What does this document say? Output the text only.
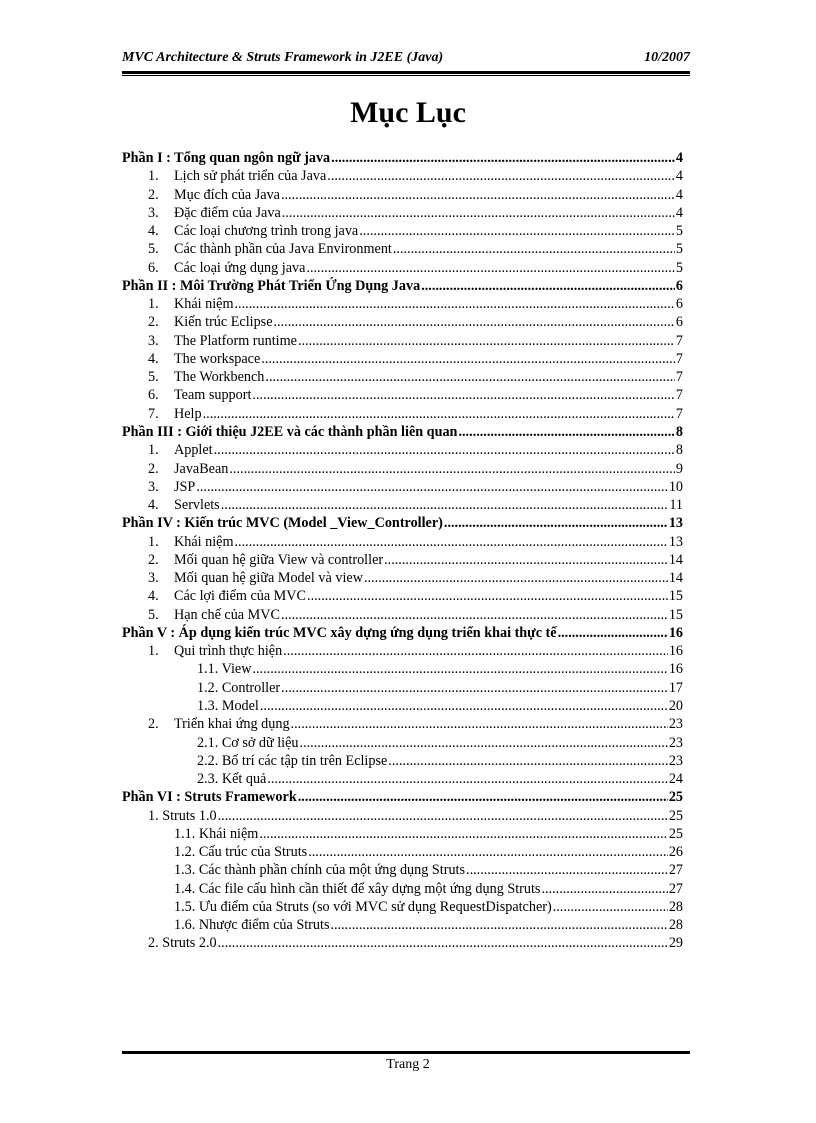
MVC Architecture & Struts Framework in J2EE (Java)	10/2007
Mục Lục
Phần I : Tổng quan ngôn ngữ java .....	4
1. Lịch sử phát triển của Java .....	4
2. Mục đích của Java .....	4
3. Đặc điểm của Java .....	4
4. Các loại chương trình trong java .....	5
5. Các thành phần của Java Environment .....	5
6. Các loại ứng dụng java .....	5
Phần II : Môi Trường Phát Triển Ứng Dụng Java .....	6
1. Khái niệm .....	6
2. Kiến trúc Eclipse .....	6
3. The Platform runtime .....	7
4. The workspace .....	7
5. The Workbench .....	7
6. Team support .....	7
7. Help .....	7
Phần III : Giới thiệu J2EE và các thành phần liên quan .....	8
1. Applet .....	8
2. JavaBean .....	9
3. JSP .....	10
4. Servlets .....	11
Phần IV : Kiến trúc MVC (Model _View_Controller) .....	13
1. Khái niệm .....	13
2. Mối quan hệ giữa View và controller .....	14
3. Mối quan hệ giữa Model và view .....	14
4. Các lợi điểm của MVC .....	15
5. Hạn chế của MVC .....	15
Phần V : Áp dụng kiến trúc MVC xây dựng ứng dụng triển khai thực tế .....	16
1. Qui trình thực hiện .....	16
1.1. View .....	16
1.2. Controller .....	17
1.3. Model .....	20
2. Triển khai ứng dụng .....	23
2.1. Cơ sở dữ liệu .....	23
2.2. Bố trí các tập tin trên Eclipse .....	23
2.3. Kết quả .....	24
Phần VI : Struts Framework .....	25
1. Struts 1.0 .....	25
1.1. Khái niệm .....	25
1.2. Cấu trúc của Struts .....	26
1.3. Các thành phần chính của một ứng dụng Struts .....	27
1.4. Các file cấu hình cần thiết để xây dựng một ứng dụng Struts .....	27
1.5. Ưu điểm của Struts (so với MVC sử dụng RequestDispatcher) .....	28
1.6. Nhược điểm của Struts .....	28
2. Struts 2.0 .....	29
Trang 2
